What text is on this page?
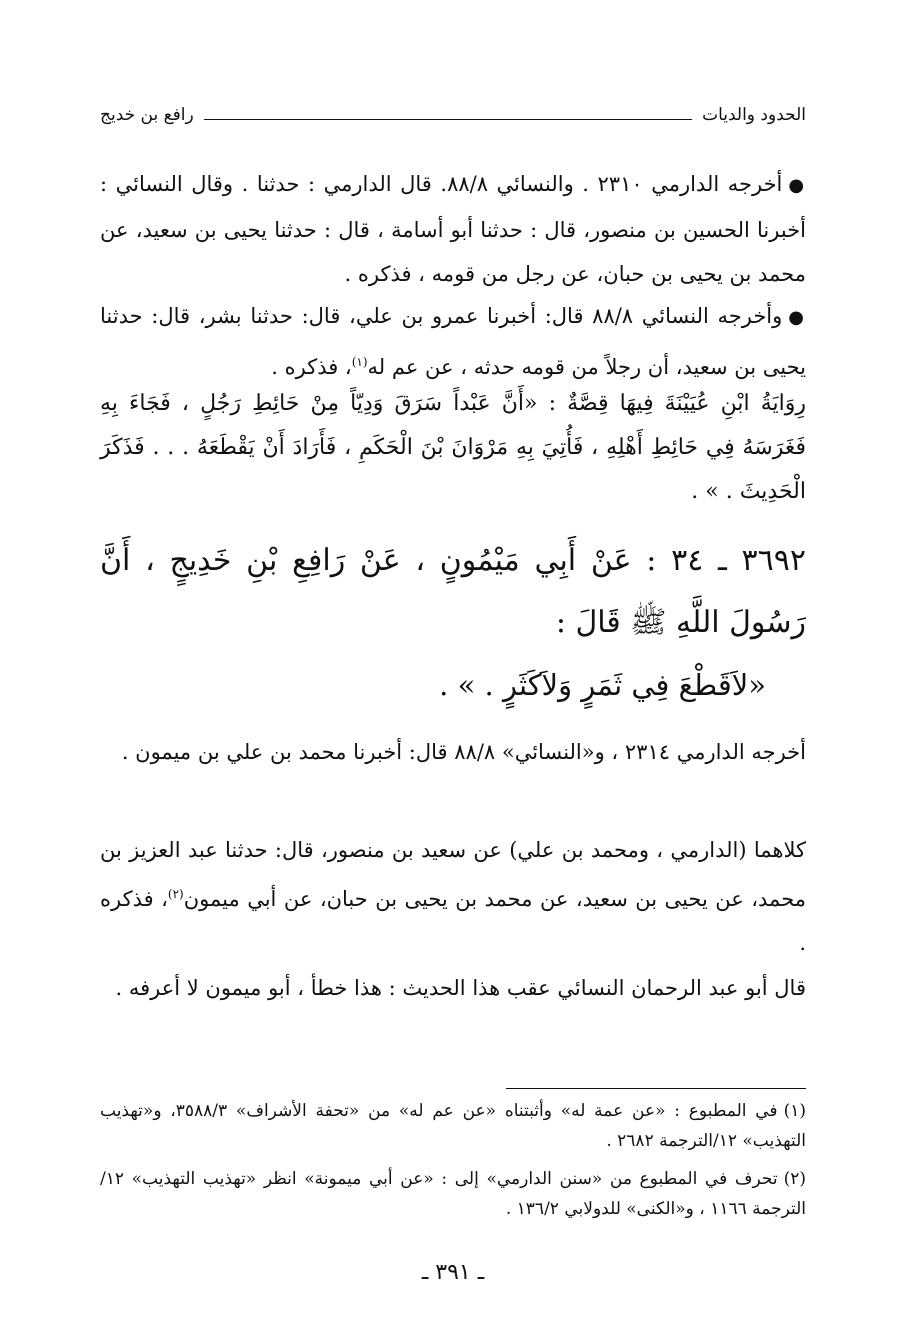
الحدود والديات
رافع بن خديج
●أخرجه الدارمي ٢٣١٠ . والنسائي ٨٨/٨. قال الدارمي : حدثنا . وقال النسائي : أخبرنا الحسين بن منصور، قال : حدثنا أبو أسامة ، قال : حدثنا يحيى بن سعيد، عن محمد بن يحيى بن حبان، عن رجل من قومه ، فذكره .
●وأخرجه النسائي ٨٨/٨ قال: أخبرنا عمرو بن علي، قال: حدثنا بشر، قال: حدثنا يحيى بن سعيد، أن رجلاً من قومه حدثه ، عن عم له$^{(١)}$، فذكره .
رِوَايَةُ ابْنِ عُيَيْنَةَ فِيهَا قِصَّةٌ : «أَنَّ عَبْداً سَرَقَ وَدِيّاً مِنْ حَائِطِ رَجُلٍ ، فَجَاءَ بِهِ فَغَرَسَهُ فِي حَائِطِ أَهْلِهِ ، فَأُتِيَ بِهِ مَرْوَانَ بْنَ الْحَكَمِ ، فَأَرَادَ أَنْ يَقْطَعَهُ . . . فَذَكَرَ الْحَدِيثَ . » .
٣٦٩٢ ـ ٣٤ : عَنْ أَبِي مَيْمُونٍ ، عَنْ رَافِعِ بْنِ خَدِيجٍ ، أَنَّ رَسُولَ اللَّهِ ﷺ قَالَ :
«لاَقَطْعَ فِي ثَمَرٍ وَلاَكَثَرٍ . » .
أخرجه الدارمي ٢٣١٤ ، و«النسائي» ٨٨/٨ قال: أخبرنا محمد بن علي بن ميمون .
كلاهما (الدارمي ، ومحمد بن علي) عن سعيد بن منصور، قال: حدثنا عبد العزيز بن محمد، عن يحيى بن سعيد، عن محمد بن يحيى بن حبان، عن أبي ميمون$^{(٢)}$، فذكره .
قال أبو عبد الرحمان النسائي عقب هذا الحديث : هذا خطأ ، أبو ميمون لا أعرفه .
(١)في المطبوع : «عن عمة له» وأثبتناه «عن عم له» من «تحفة الأشراف» ٣٥٨٨/٣، و«تهذيب التهذيب» ١٢/الترجمة ٢٦٨٢ .
(٢)تحرف في المطبوع من «سنن الدارمي» إلى : «عن أبي ميمونة» انظر «تهذيب التهذيب» ١٢/الترجمة ١١٦٦ ، و«الكنى» للدولابي ١٣٦/٢ .
ـ ٣٩١ ـ
